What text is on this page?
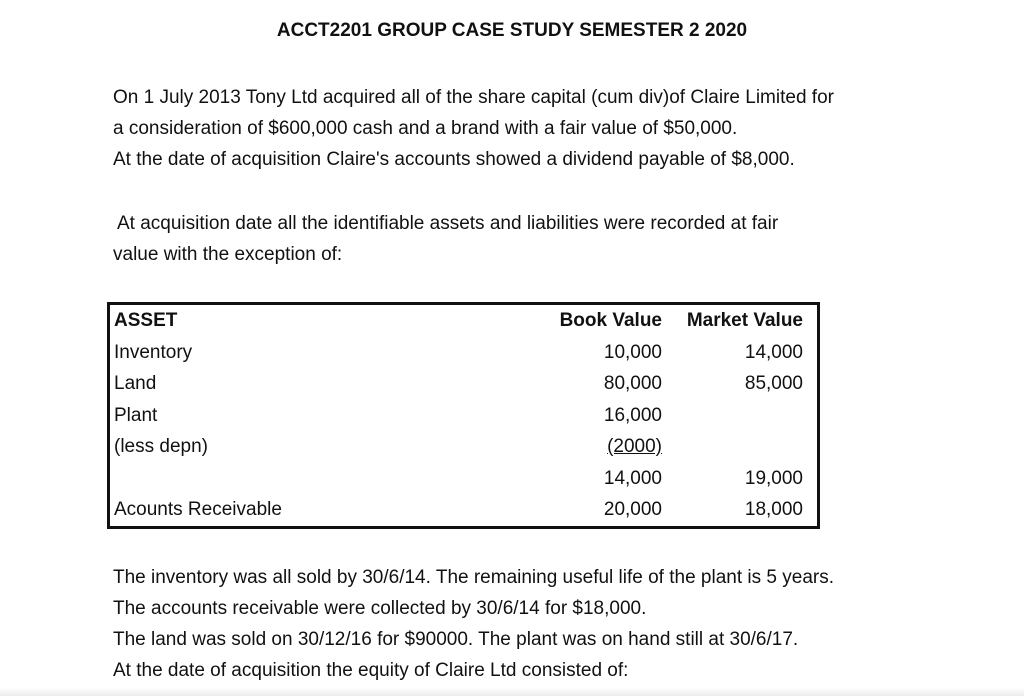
ACCT2201 GROUP CASE STUDY SEMESTER 2 2020

On 1 July 2013 Tony Ltd acquired all of the share capital (cum div)of Claire Limited for
a consideration of $600,000 cash and a brand with a fair value of $50,000.
At the date of acquisition Claire's accounts showed a dividend payable of $8,000.

At acquisition date all the identifiable assets and liabilities were recorded at fair
value with the exception of:

ASSET	Book Value	Market Value
Inventory	10,000	14,000
Land	80,000	85,000
Plant	16,000	
(less depn)	(2000)	
	14,000	19,000
Acounts Receivable	20,000	18,000

The inventory was all sold by 30/6/14. The remaining useful life of the plant is 5 years.
The accounts receivable were collected by 30/6/14 for $18,000.
The land was sold on 30/12/16 for $90000. The plant was on hand still at 30/6/17.
At the date of acquisition the equity of Claire Ltd consisted of:
